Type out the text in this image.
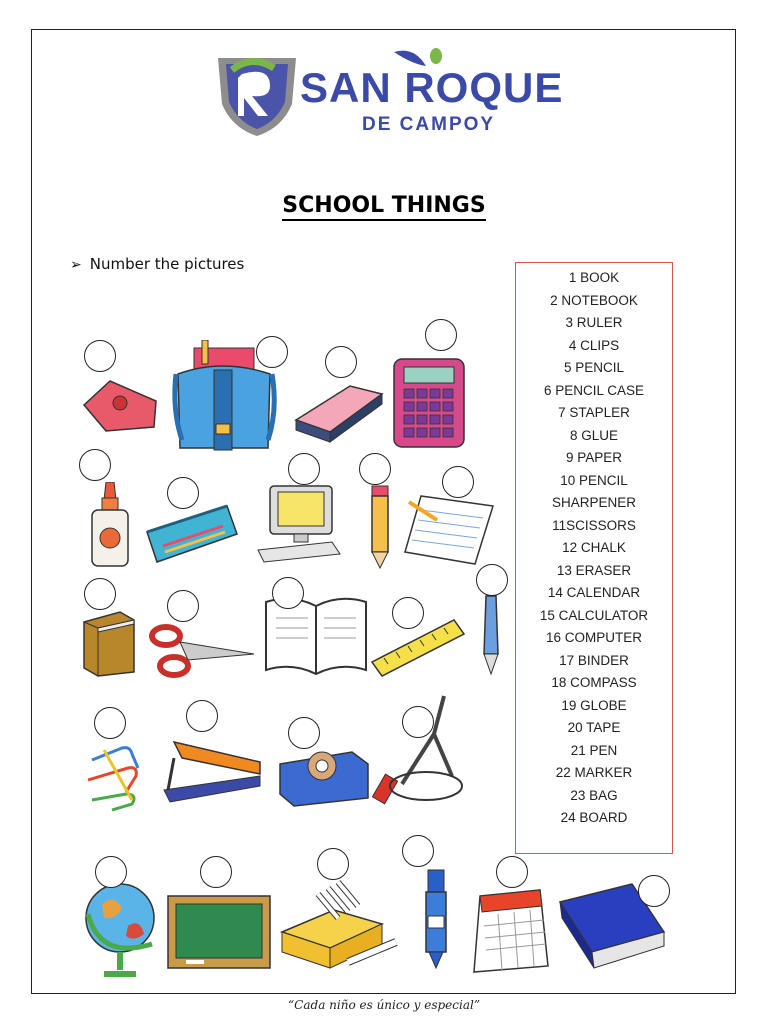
SAN ROQUE
DE CAMPOY
SCHOOL THINGS
➢ Number the pictures
1 BOOK
2 NOTEBOOK
3 RULER
4 CLIPS
5 PENCIL
6 PENCIL CASE
7 STAPLER
8 GLUE
9 PAPER
10 PENCIL
SHARPENER
11SCISSORS
12 CHALK
13 ERASER
14 CALENDAR
15 CALCULATOR
16 COMPUTER
17 BINDER
18 COMPASS
19 GLOBE
20 TAPE
21 PEN
22 MARKER
23 BAG
24 BOARD
“Cada niño es único y especial”
